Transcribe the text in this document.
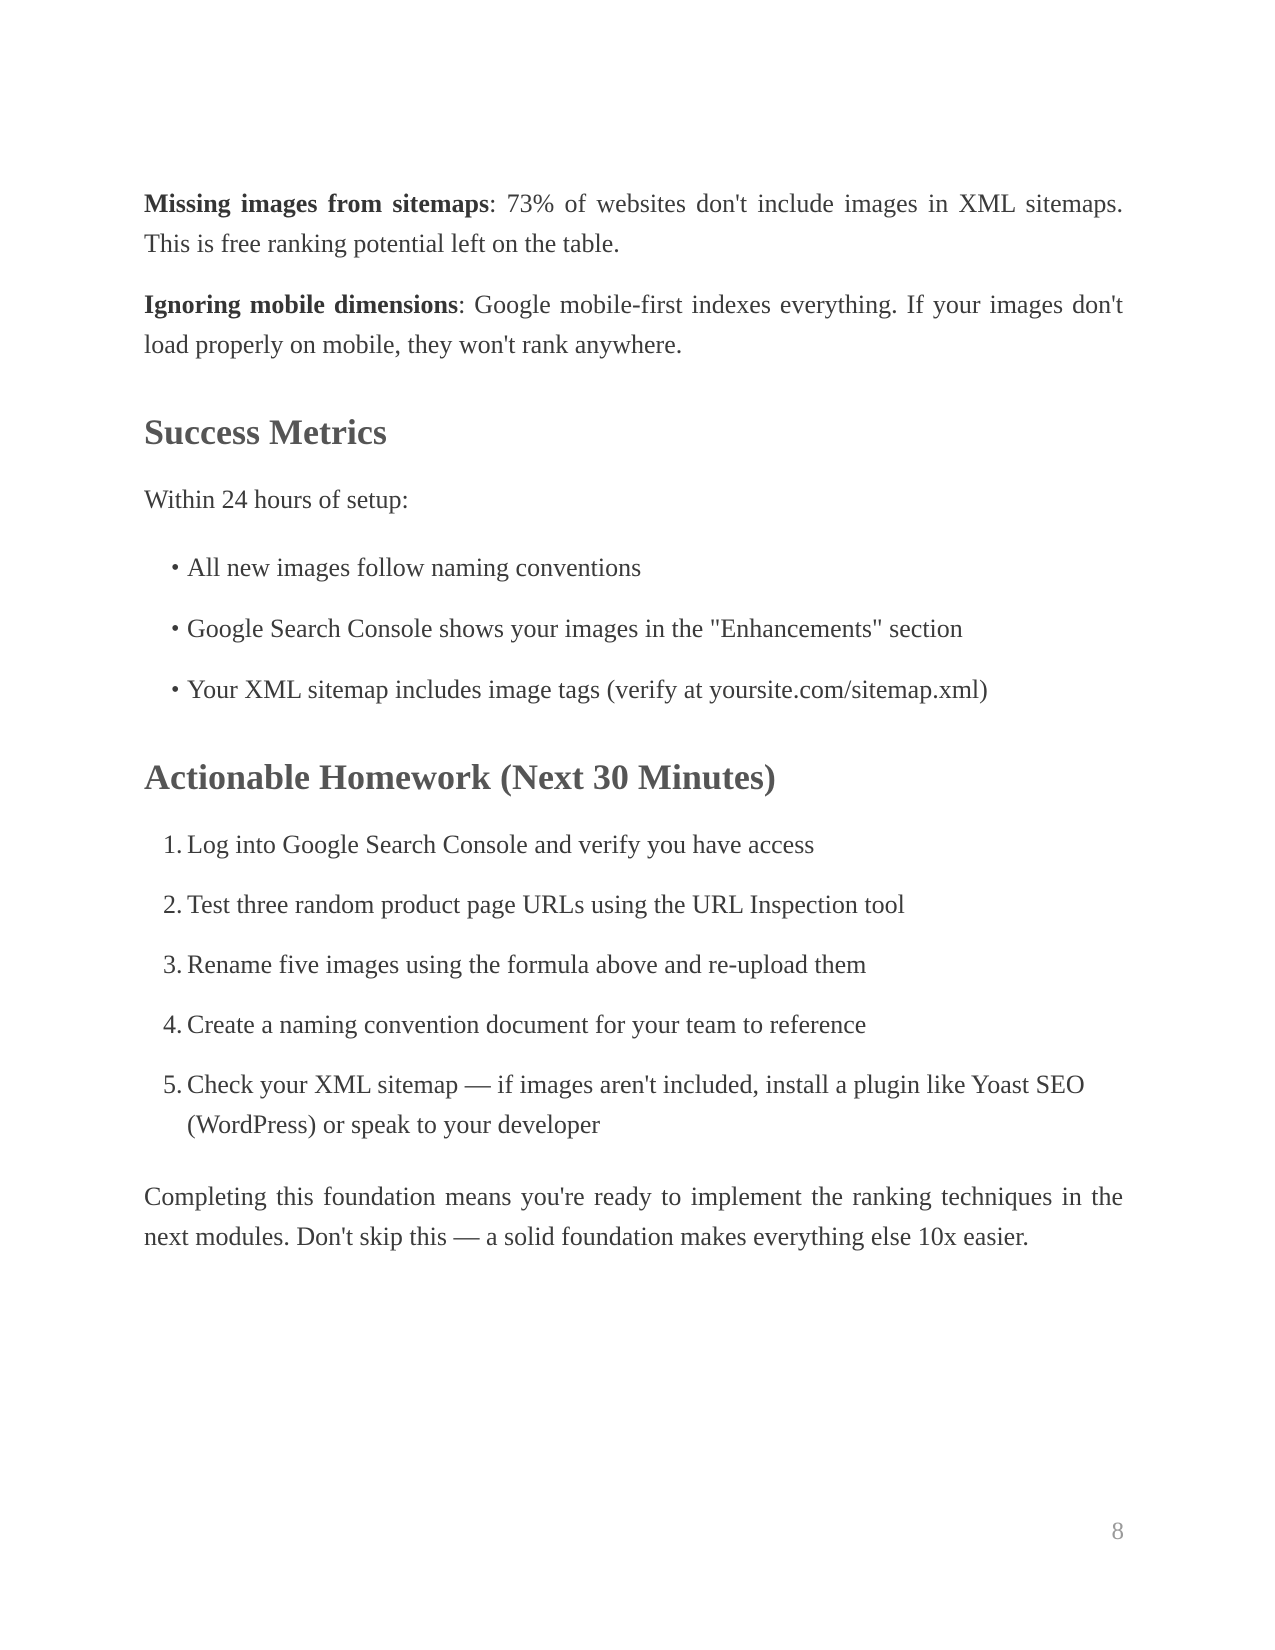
Missing images from sitemaps: 73% of websites don't include images in XML sitemaps. This is free ranking potential left on the table.

Ignoring mobile dimensions: Google mobile-first indexes everything. If your images don't load properly on mobile, they won't rank anywhere.

Success Metrics

Within 24 hours of setup:

• All new images follow naming conventions
• Google Search Console shows your images in the "Enhancements" section
• Your XML sitemap includes image tags (verify at yoursite.com/sitemap.xml)
Actionable Homework (Next 30 Minutes)
Log into Google Search Console and verify you have access
Test three random product page URLs using the URL Inspection tool
Rename five images using the formula above and re-upload them
Create a naming convention document for your team to reference
Check your XML sitemap — if images aren't included, install a plugin like Yoast SEO (WordPress) or speak to your developer

Completing this foundation means you're ready to implement the ranking techniques in the next modules. Don't skip this — a solid foundation makes everything else 10x easier.

8
